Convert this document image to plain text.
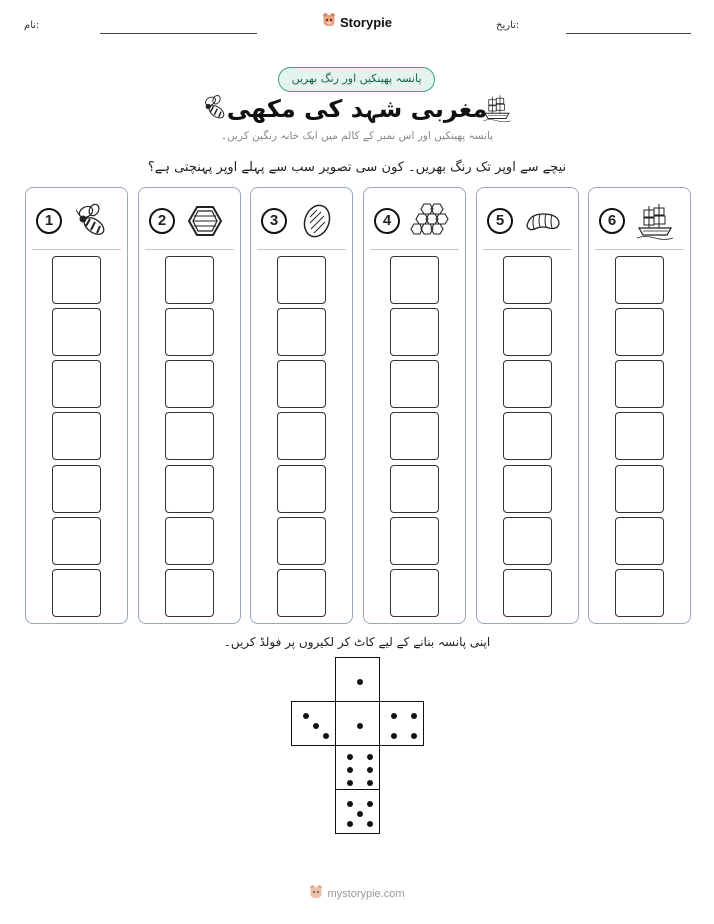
نام:	Storypie	تاریخ:
پانسہ پھینکیں اور رنگ بھریں
مغربی شہد کی مکھی
پانسہ پھینکیں اور اس نمبر کے کالم میں ایک خانہ رنگین کریں۔
نیچے سے اوپر تک رنگ بھریں۔ کون سی تصویر سب سے پہلے اوپر پہنچتی ہے؟
1	2	3	4	5	6
اپنی پانسہ بنانے کے لیے کاٹ کر لکیروں پر فولڈ کریں۔
mystorypie.com
